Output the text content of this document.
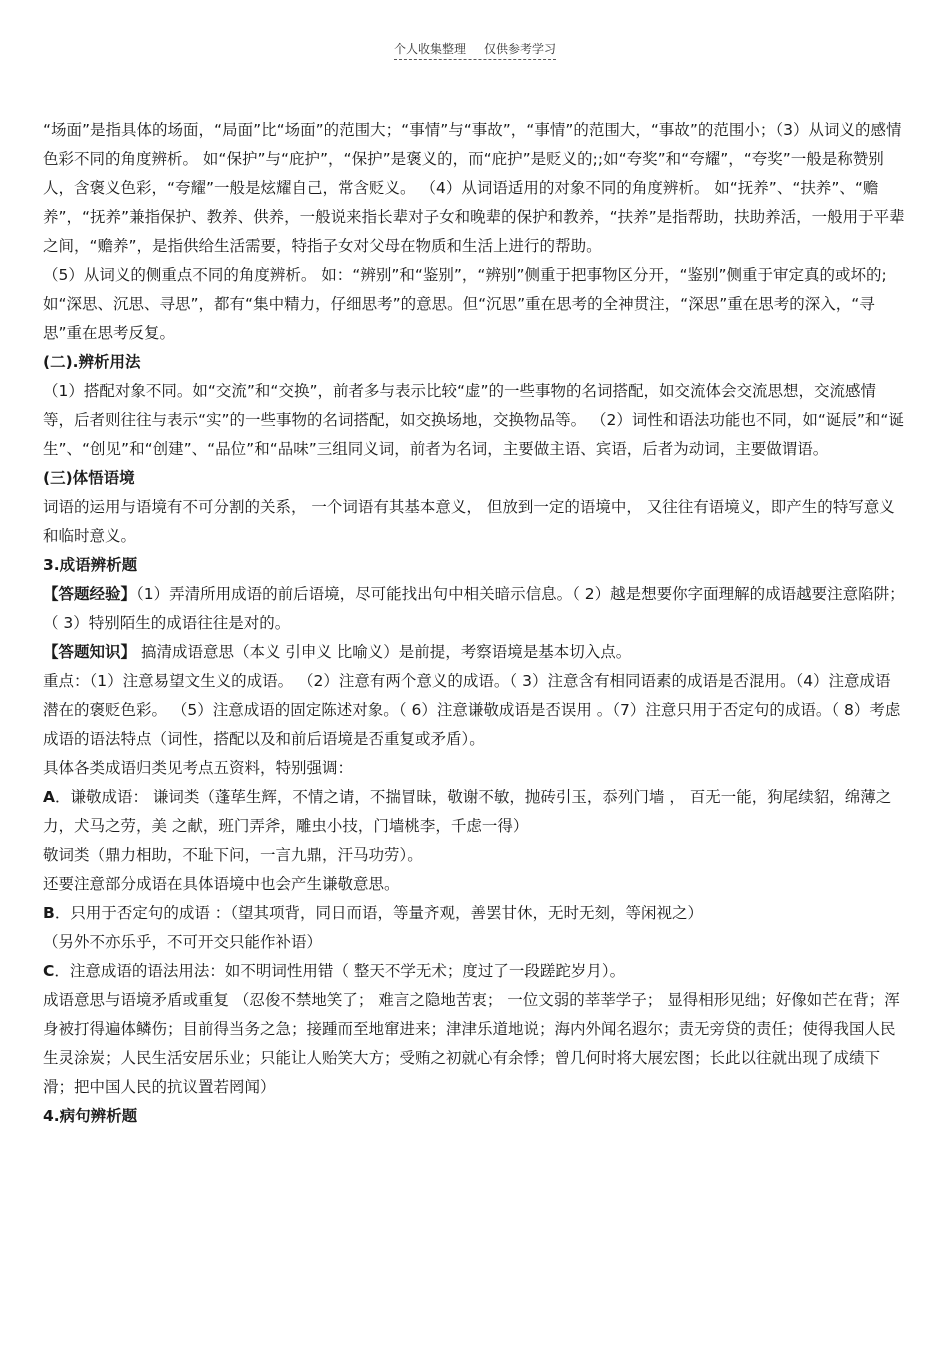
个人收集整理 仅供参考学习

“场面”是指具体的场面，“局面”比“场面”的范围大；“事情”与“事故”，“事情”的范围大，“事故”的范围小；（3）从词义的感情色彩不同的角度辨析。 如“保护”与“庇护”，“保护”是褒义的，而“庇护”是贬义的;;如“夸奖”和“夸耀”，“夸奖”一般是称赞别人，含褒义色彩，“夸耀”一般是炫耀自己，常含贬义。 （4）从词语适用的对象不同的角度辨析。 如“抚养”、“扶养”、“赡养”，“抚养”兼指保护、教养、供养，一般说来指长辈对子女和晚辈的保护和教养，“扶养”是指帮助，扶助养活，一般用于平辈之间，“赡养”，是指供给生活需要，特指子女对父母在物质和生活上进行的帮助。

（5）从词义的侧重点不同的角度辨析。 如：“辨别”和“鉴别”，“辨别”侧重于把事物区分开，“鉴别”侧重于审定真的或坏的;如“深思、沉思、寻思”，都有“集中精力，仔细思考”的意思。但“沉思”重在思考的全神贯注，“深思”重在思考的深入，“寻思”重在思考反复。

(二).辨析用法

（1）搭配对象不同。如“交流”和“交换”，前者多与表示比较“虚”的一些事物的名词搭配，如交流体会交流思想，交流感情等，后者则往往与表示“实”的一些事物的名词搭配，如交换场地，交换物品等。 （2）词性和语法功能也不同，如“诞辰”和“诞生”、“创见”和“创建”、“品位”和“品味”三组同义词，前者为名词，主要做主语、宾语，后者为动词，主要做谓语。

(三)体悟语境

词语的运用与语境有不可分割的关系， 一个词语有其基本意义， 但放到一定的语境中， 又往往有语境义，即产生的特写意义和临时意义。

3.成语辨析题

【答题经验】（1）弄清所用成语的前后语境，尽可能找出句中相关暗示信息。（ 2）越是想要你字面理解的成语越要注意陷阱；（ 3）特别陌生的成语往往是对的。

【答题知识】 搞清成语意思（本义 引申义 比喻义）是前提，考察语境是基本切入点。

重点：（1）注意易望文生义的成语。 （2）注意有两个意义的成语。（ 3）注意含有相同语素的成语是否混用。（4）注意成语潜在的褒贬色彩。 （5）注意成语的固定陈述对象。（ 6）注意谦敬成语是否误用 。（7）注意只用于否定句的成语。（ 8）考虑成语的语法特点（词性，搭配以及和前后语境是否重复或矛盾）。

具体各类成语归类见考点五资料，特别强调：

A．谦敬成语： 谦词类（蓬荜生辉，不情之请，不揣冒昧，敬谢不敏，抛砖引玉，忝列门墙 ， 百无一能，狗尾续貂，绵薄之力，犬马之劳，美 之献，班门弄斧，雕虫小技，门墙桃李，千虑一得）

敬词类（鼎力相助，不耻下问，一言九鼎，汗马功劳）。

还要注意部分成语在具体语境中也会产生谦敬意思。

B．只用于否定句的成语 ：（望其项背，同日而语，等量齐观，善罢甘休，无时无刻，等闲视之）

（另外不亦乐乎，不可开交只能作补语）

C．注意成语的语法用法：如不明词性用错（ 整天不学无术；度过了一段蹉跎岁月）。

成语意思与语境矛盾或重复 （忍俊不禁地笑了； 难言之隐地苦衷； 一位文弱的莘莘学子； 显得相形见绌；好像如芒在背；浑身被打得遍体鳞伤；目前得当务之急；接踵而至地窜进来；津津乐道地说；海内外闻名遐尔；责无旁贷的责任；使得我国人民生灵涂炭；人民生活安居乐业；只能让人贻笑大方；受贿之初就心有余悸；曾几何时将大展宏图；长此以往就出现了成绩下滑；把中国人民的抗议置若罔闻）

4.病句辨析题
